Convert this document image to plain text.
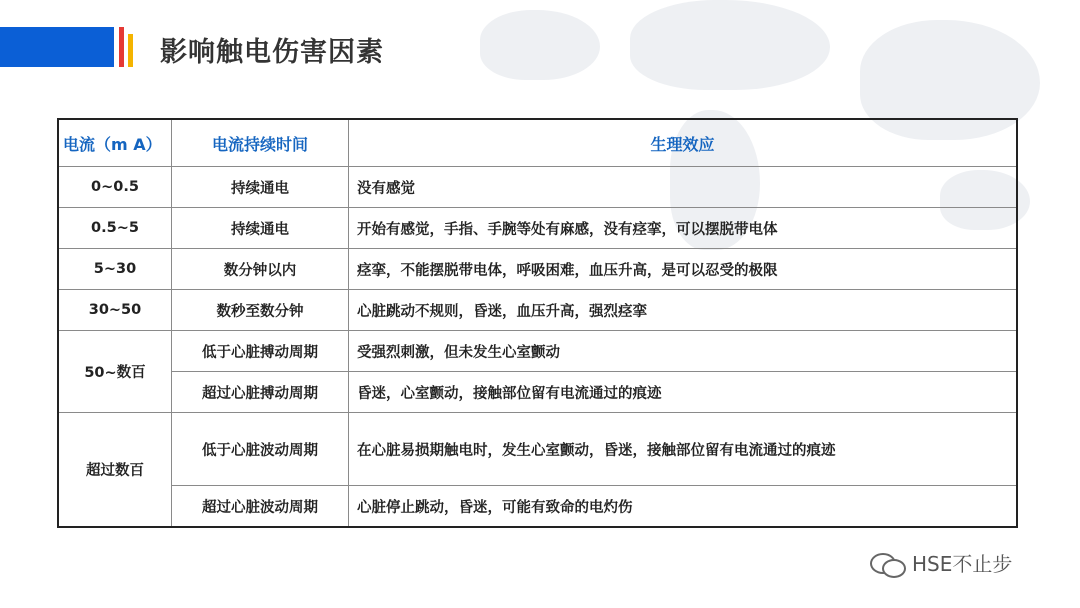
影响触电伤害因素
电流（m A）	电流持续时间	生理效应
0~0.5	持续通电	没有感觉
0.5~5	持续通电	开始有感觉，手指、手腕等处有麻感，没有痉挛，可以摆脱带电体
5~30	数分钟以内	痉挛，不能摆脱带电体，呼吸困难，血压升高，是可以忍受的极限
30~50	数秒至数分钟	心脏跳动不规则，昏迷，血压升高，强烈痉挛
50~数百	低于心脏搏动周期	受强烈刺激，但未发生心室颤动
	超过心脏搏动周期	昏迷，心室颤动，接触部位留有电流通过的痕迹
超过数百	低于心脏波动周期	在心脏易损期触电时，发生心室颤动，昏迷，接触部位留有电流通过的痕迹
	超过心脏波动周期	心脏停止跳动，昏迷，可能有致命的电灼伤
HSE不止步
